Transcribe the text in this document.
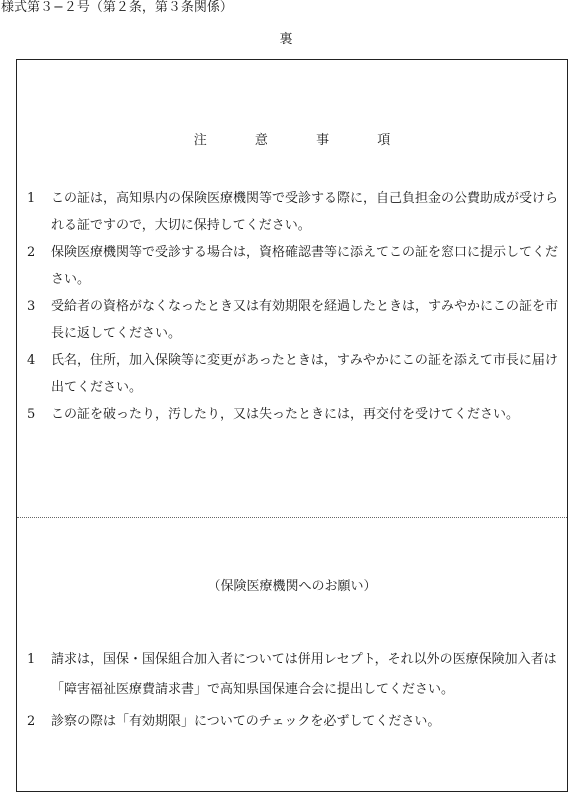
様式第３−２号（第２条，第３条関係）
裏
注	意	事	項
1 この証は，高知県内の保険医療機関等で受診する際に，自己負担金の公費助成が受けられる証ですので，大切に保持してください。
2 保険医療機関等で受診する場合は，資格確認書等に添えてこの証を窓口に提示してください。
3 受給者の資格がなくなったとき又は有効期限を経過したときは，すみやかにこの証を市長に返してください。
4 氏名，住所，加入保険等に変更があったときは，すみやかにこの証を添えて市長に届け出てください。
5 この証を破ったり，汚したり，又は失ったときには，再交付を受けてください。
（保険医療機関へのお願い）
1 請求は，国保・国保組合加入者については併用レセプト，それ以外の医療保険加入者は「障害福祉医療費請求書」で高知県国保連合会に提出してください。
2 診察の際は「有効期限」についてのチェックを必ずしてください。
